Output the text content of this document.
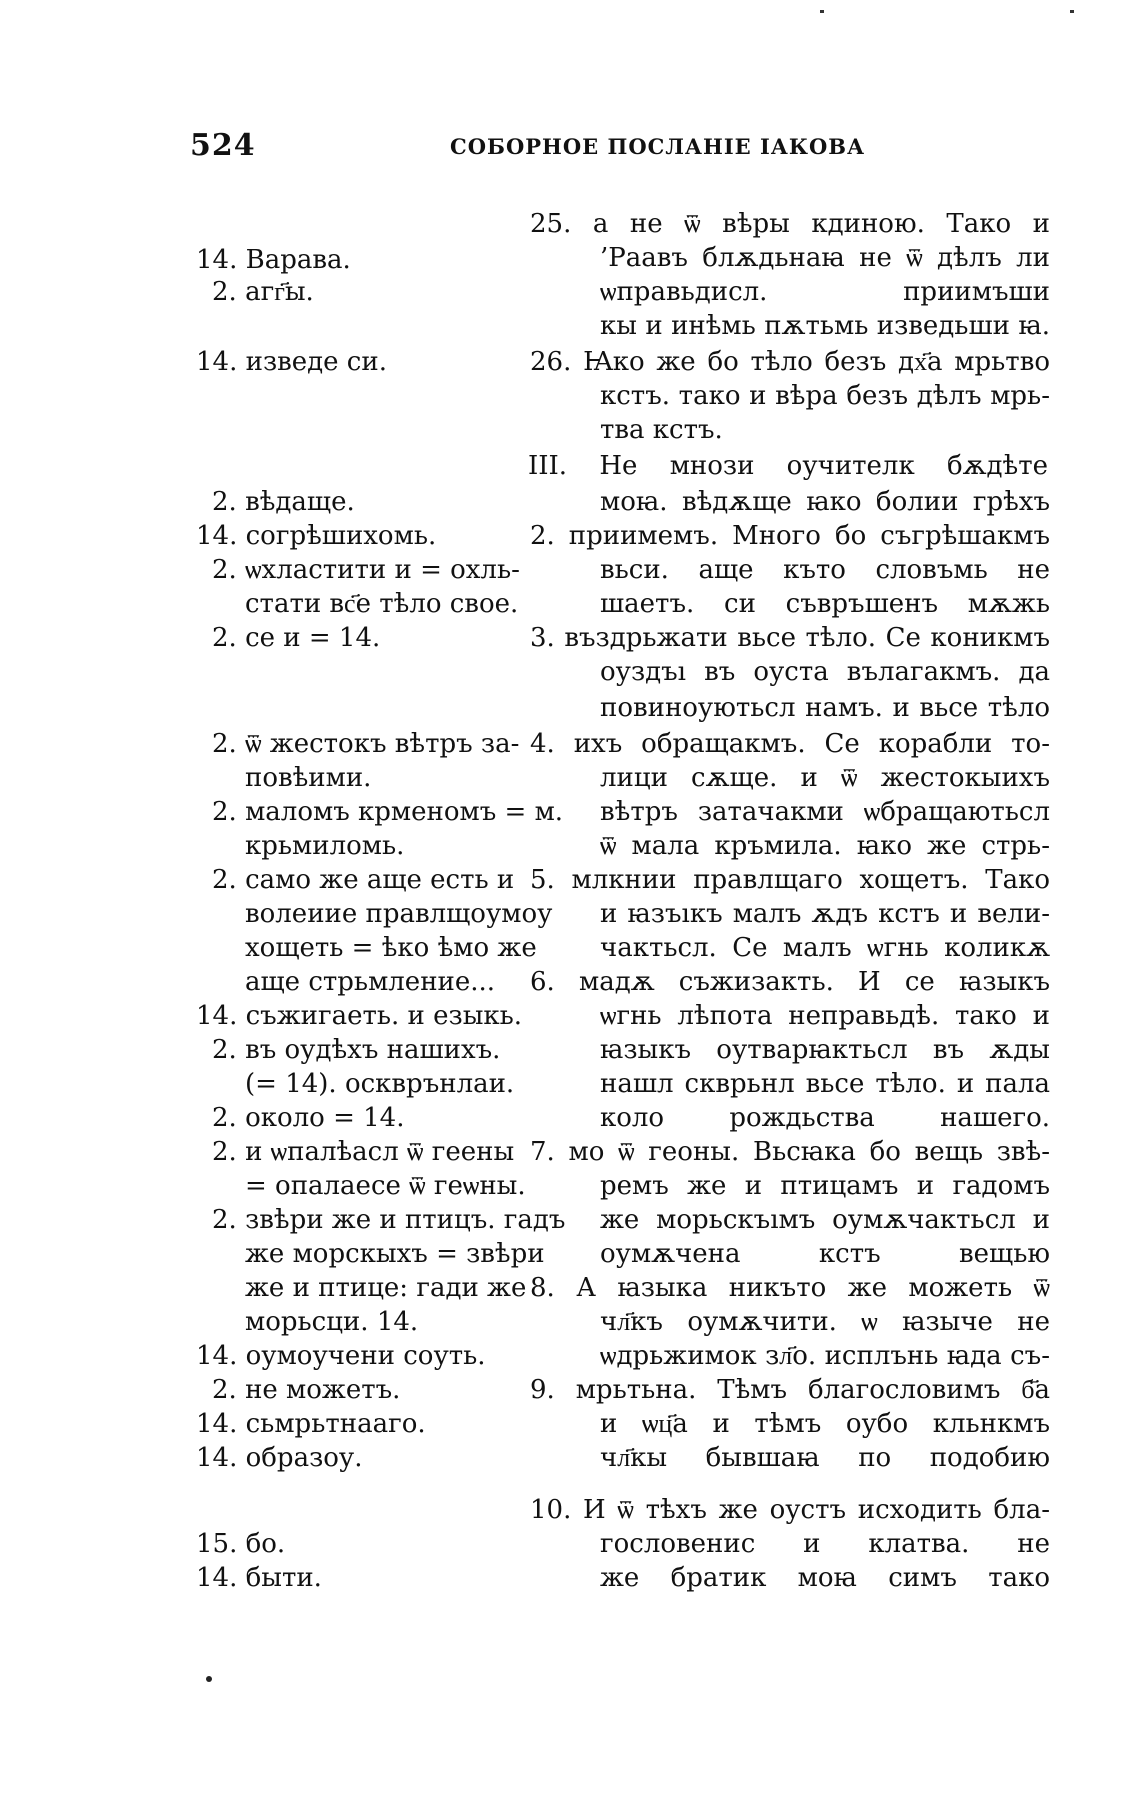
524	СОБОРНОЕ ПОСЛАНІЕ ІАКОВА
14. Варава.
2. агг҃ы.
14. изведе си.
2. вѣдаще.
14. согрѣшихомь.
2. ѡхластити и = охль-
стати вс҃е тѣло свое.
2. се и = 14.
2. ѿ жестокъ вѣтръ за-
повѣими.
2. маломъ крменомъ = м.
крьмиломь.
2. само же аще есть и
волеиие правлщоумоу
хощеть = ѣко ѣмо же
аще стрьмление...
14. съжигаеть. и езыкь.
2. въ оудѣхъ нашихъ.
(= 14). оскврънлаи.
2. около = 14.
2. и ѡпалѣасл ѿ геены
= опалаесе ѿ геѡны.
2. звѣри же и птицъ. гадъ
же морскыхъ = звѣри
же и птице: гади же
морьсци. 14.
14. оумоучени соуть.
2. не можетъ.
14. сьмрьтнааго.
14. образоу.
15. бо.
14. быти.
25. а не ѿ вѣры кдиною. Тако и
’Раавъ блѫдьнаꙗ не ѿ дѣлъ ли
ѡправьдисл. приимъши
кы и инѣмь пѫтьмь изведьши ꙗ.
26. Ꙗко же бо тѣло безъ дх҃а мрьтво
кстъ. тако и вѣра безъ дѣлъ мрь-
тва кстъ.
III. Не мнози оучителк бѫдѣте
моꙗ. вѣдѫще ꙗко болии грѣхъ
2. приимемъ. Много бо съгрѣшакмъ
вьси. аще къто словъмь не
шаетъ. си съвръшенъ мѫжь
3. въздрьжати вьсе тѣло. Се коникмъ
оуздъı въ оуста вълагакмъ. да
повиноуютьсл намъ. и вьсе тѣло
4. ихъ обращакмъ. Се корабли то-
лици сѫще. и ѿ жестокыихъ
вѣтръ затачакми ѡбращаютьсл
ѿ мала кръмила. ꙗко же стрь-
5. млкнии правлщаго хощетъ. Тако
и ꙗзъıкъ малъ ѫдъ кстъ и вели-
чактьсл. Се малъ ѡгнь коликѫ
6. мадѫ съжизакть. И се ꙗзыкъ
ѡгнь лѣпота неправьдѣ. тако и
ꙗзыкъ оутварꙗктьсл въ ѫды
нашл скврьнл вьсе тѣло. и пала
коло рождьства нашего.
7. мо ѿ геоны. Вьсꙗка бо вещь звѣ-
ремъ же и птицамъ и гадомъ
же морьскъıмъ оумѫчактьсл и
оумѫчена кстъ вещью
8. А ꙗзыка никъто же можеть ѿ
чл҃къ оумѫчити. ѡ ꙗзыче не
ѡдрьжимок зл҃о. исплънь ꙗда съ-
9. мрьтьна. Тѣмъ благословимъ б҃а
и ѡц҃а и тѣмъ оубо кльнкмъ
чл҃кы бывшаꙗ по подобию
10. И ѿ тѣхъ же оустъ исходить бла-
гословенис и клатва. не
же братик моꙗ симъ тако
